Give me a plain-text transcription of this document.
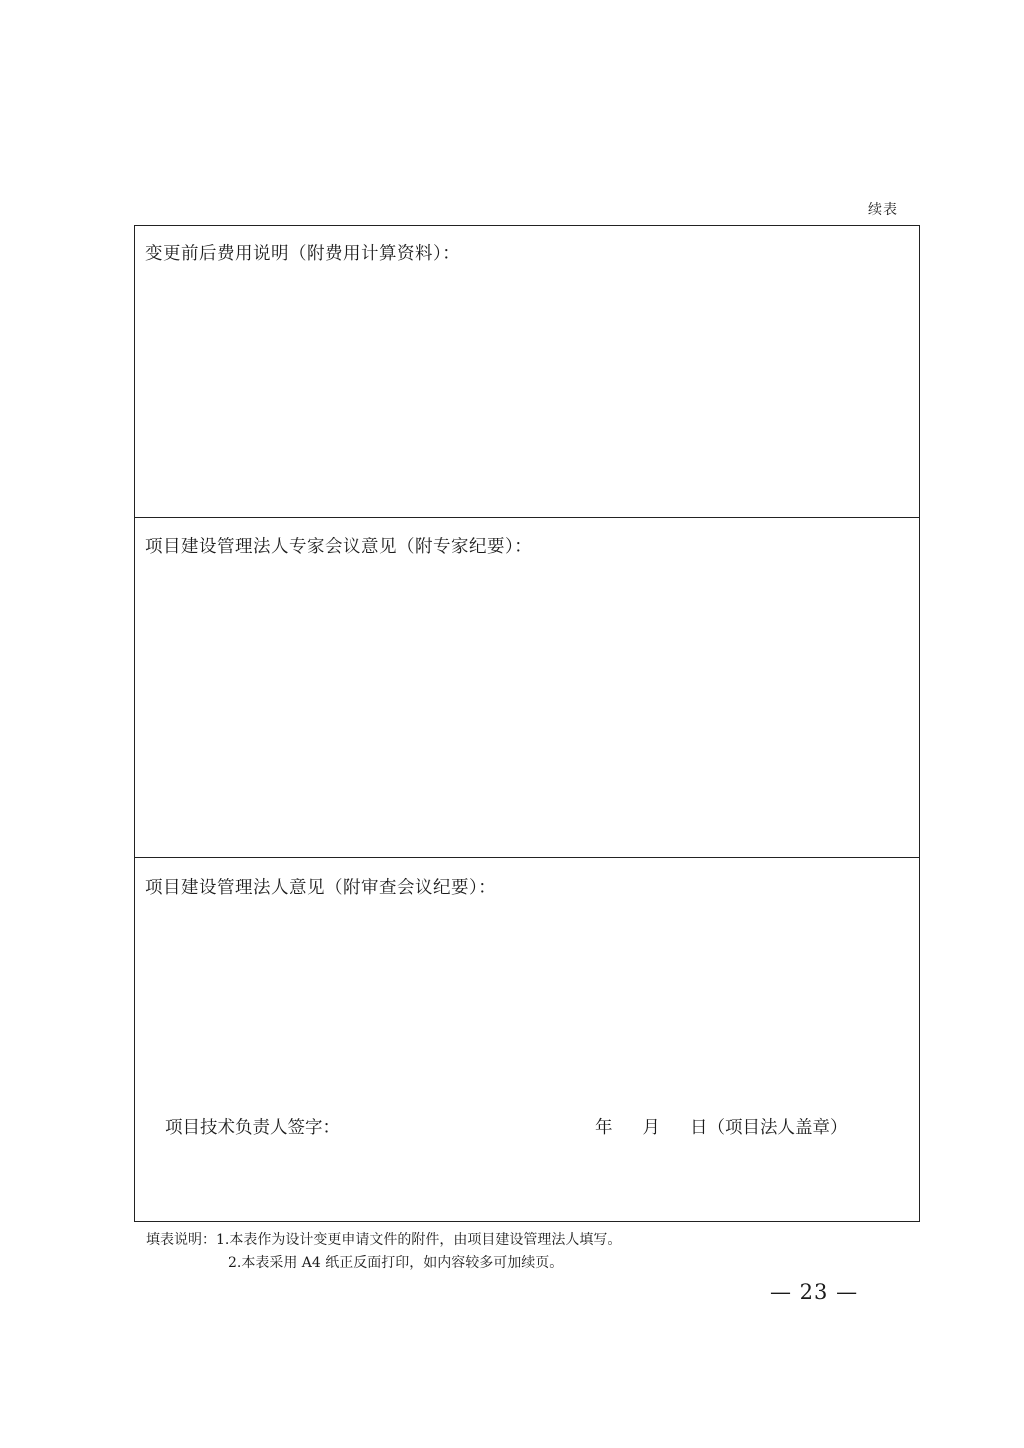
续表
变更前后费用说明（附费用计算资料）：
项目建设管理法人专家会议意见（附专家纪要）：
项目建设管理法人意见（附审查会议纪要）：
项目技术负责人签字：	年 月 日（项目法人盖章）
填表说明：1.本表作为设计变更申请文件的附件，由项目建设管理法人填写。
2.本表采用 A4 纸正反面打印，如内容较多可加续页。
— 23 —
